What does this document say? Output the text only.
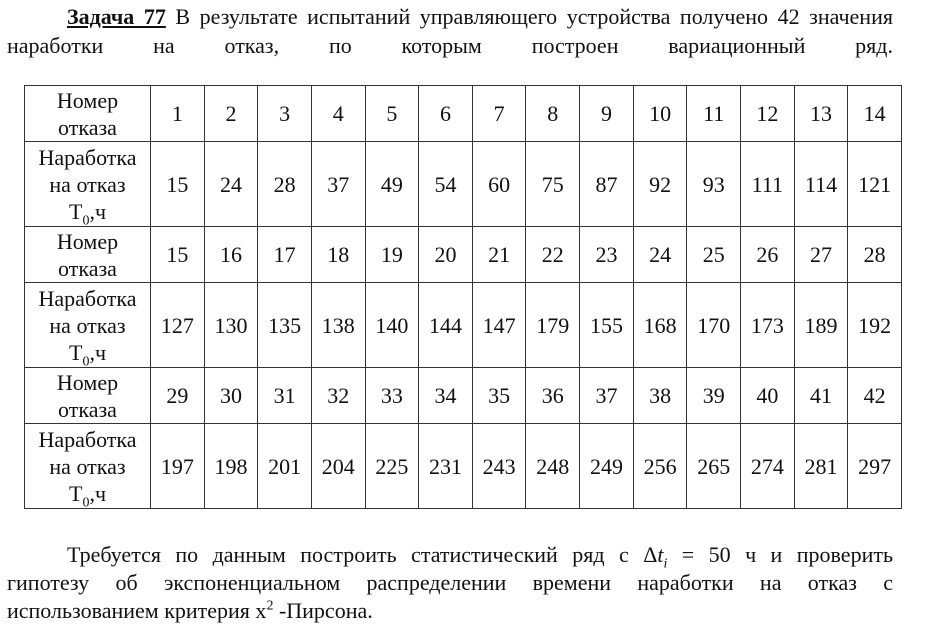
Задача 77 В результате испытаний управляющего устройства получено 42 значения наработки на отказ, по которым построен вариационный ряд.
Номер
отказа	1	2	3	4	5	6	7	8	9	10	11	12	13	14
Наработка
на отказ
$Т_0,ч$	15	24	28	37	49	54	60	75	87	92	93	111	114	121
Номер
отказа	15	16	17	18	19	20	21	22	23	24	25	26	27	28
Наработка
на отказ
$Т_0,ч$	127	130	135	138	140	144	147	179	155	168	170	173	189	192
Номер
отказа	29	30	31	32	33	34	35	36	37	38	39	40	41	42
Наработка
на отказ
$Т_0,ч$	197	198	201	204	225	231	243	248	249	256	265	274	281	297
Требуется по данным построить статистический ряд с $\Delta t_i = 50$ ч и проверить
гипотезу об экспоненциальном распределении времени наработки на отказ с
использованием критерия $х^2$ -Пирсона.
